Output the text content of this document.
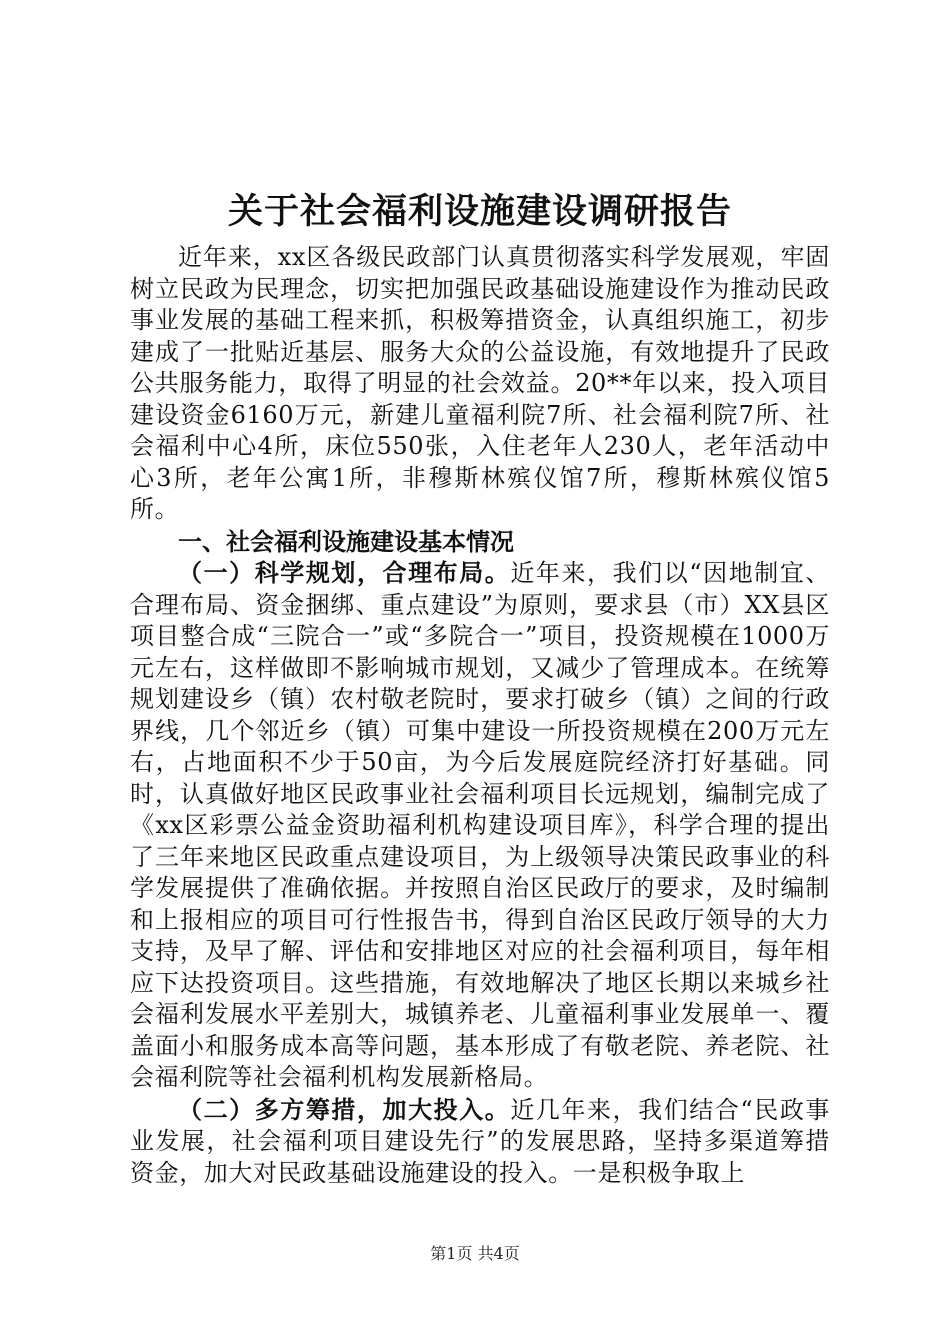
关于社会福利设施建设调研报告

近年来，xx区各级民政部门认真贯彻落实科学发展观，牢固树立民政为民理念，切实把加强民政基础设施建设作为推动民政事业发展的基础工程来抓，积极筹措资金，认真组织施工，初步建成了一批贴近基层、服务大众的公益设施，有效地提升了民政公共服务能力，取得了明显的社会效益。20**年以来，投入项目建设资金6160万元，新建儿童福利院7所、社会福利院7所、社会福利中心4所，床位550张，入住老年人230人，老年活动中心3所，老年公寓1所，非穆斯林殡仪馆7所，穆斯林殡仪馆5所。

一、社会福利设施建设基本情况

（一）科学规划，合理布局。近年来，我们以“因地制宜、合理布局、资金捆绑、重点建设”为原则，要求县（市）XX县区项目整合成“三院合一”或“多院合一”项目，投资规模在1000万元左右，这样做即不影响城市规划，又减少了管理成本。在统筹规划建设乡（镇）农村敬老院时，要求打破乡（镇）之间的行政界线，几个邻近乡（镇）可集中建设一所投资规模在200万元左右，占地面积不少于50亩，为今后发展庭院经济打好基础。同时，认真做好地区民政事业社会福利项目长远规划，编制完成了《xx区彩票公益金资助福利机构建设项目库》，科学合理的提出了三年来地区民政重点建设项目，为上级领导决策民政事业的科学发展提供了准确依据。并按照自治区民政厅的要求，及时编制和上报相应的项目可行性报告书，得到自治区民政厅领导的大力支持，及早了解、评估和安排地区对应的社会福利项目，每年相应下达投资项目。这些措施，有效地解决了地区长期以来城乡社会福利发展水平差别大，城镇养老、儿童福利事业发展单一、覆盖面小和服务成本高等问题，基本形成了有敬老院、养老院、社会福利院等社会福利机构发展新格局。

（二）多方筹措，加大投入。近几年来，我们结合“民政事业发展，社会福利项目建设先行”的发展思路，坚持多渠道筹措资金，加大对民政基础设施建设的投入。一是积极争取上

第1页 共4页
